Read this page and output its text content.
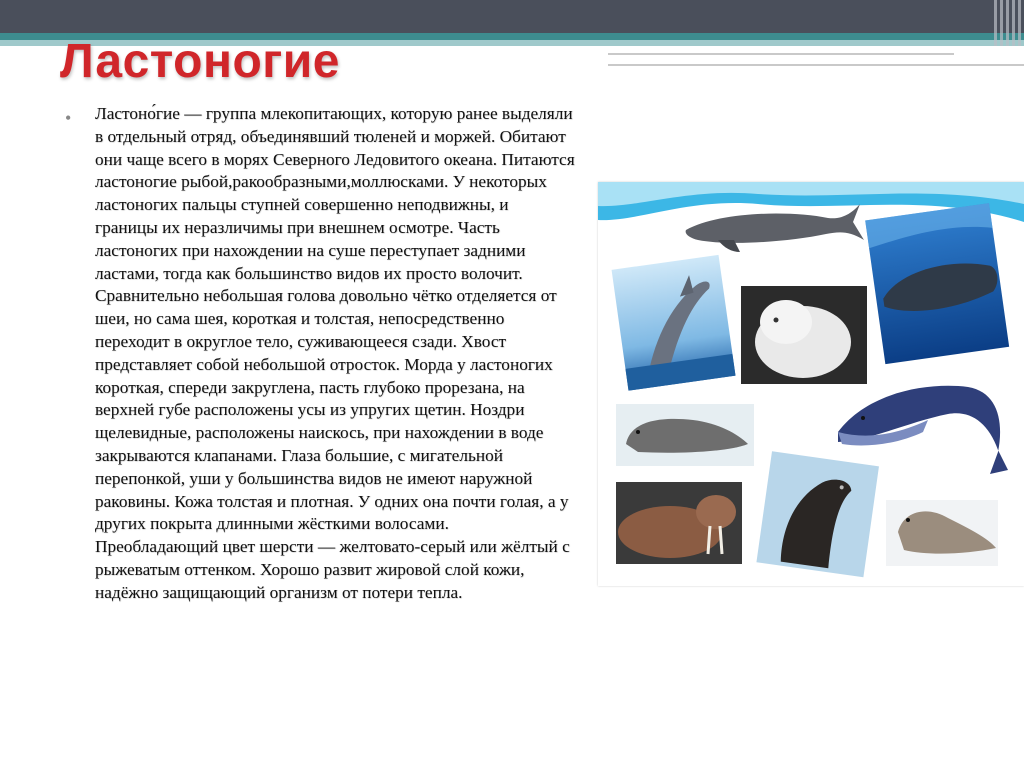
Ластоногие
• Ластоно́гие — группа млекопитающих, которую ранее выделяли в отдельный отряд, объединявший тюленей и моржей. Обитают они чаще всего в морях Северного Ледовитого океана. Питаются ластоногие рыбой,ракообразными,моллюсками. У некоторых ластоногих пальцы ступней совершенно неподвижны, и границы их неразличимы при внешнем осмотре. Часть ластоногих при нахождении на суше переступает задними ластами, тогда как большинство видов их просто волочит. Сравнительно небольшая голова довольно чётко отделяется от шеи, но сама шея, короткая и толстая, непосредственно переходит в округлое тело, суживающееся сзади. Хвост представляет собой небольшой отросток. Морда у ластоногих короткая, спереди закруглена, пасть глубоко прорезана, на верхней губе расположены усы из упругих щетин. Ноздри щелевидные, расположены наискось, при нахождении в воде закрываются клапанами. Глаза большие, с мигательной перепонкой, уши у большинства видов не имеют наружной раковины. Кожа толстая и плотная. У одних она почти голая, а у других покрыта длинными жёсткими волосами. Преобладающий цвет шерсти — желтовато-серый или жёлтый с рыжеватым оттенком. Хорошо развит жировой слой кожи, надёжно защищающий организм от потери тепла.
